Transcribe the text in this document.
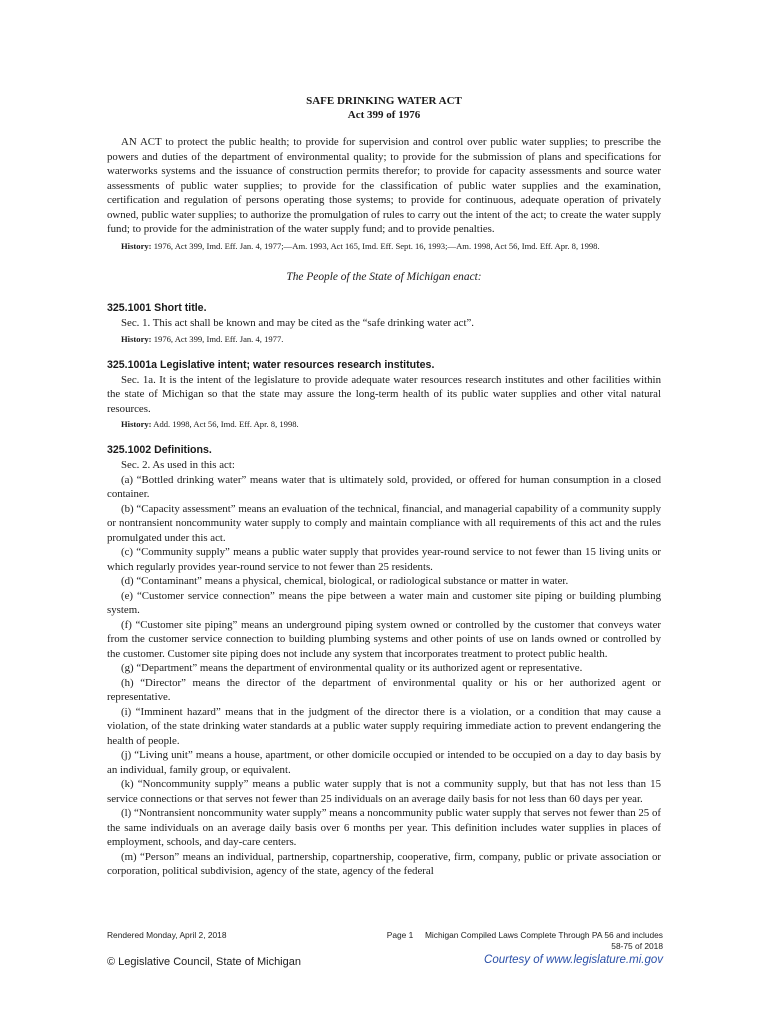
SAFE DRINKING WATER ACT

Act 399 of 1976

AN ACT to protect the public health; to provide for supervision and control over public water supplies; to prescribe the powers and duties of the department of environmental quality; to provide for the submission of plans and specifications for waterworks systems and the issuance of construction permits therefor; to provide for capacity assessments and source water assessments of public water supplies; to provide for the classification of public water supplies and the examination, certification and regulation of persons operating those systems; to provide for continuous, adequate operation of privately owned, public water supplies; to authorize the promulgation of rules to carry out the intent of the act; to create the water supply fund; to provide for the administration of the water supply fund; and to provide penalties.

History: 1976, Act 399, Imd. Eff. Jan. 4, 1977;—Am. 1993, Act 165, Imd. Eff. Sept. 16, 1993;—Am. 1998, Act 56, Imd. Eff. Apr. 8, 1998.

The People of the State of Michigan enact:

325.1001 Short title.

Sec. 1. This act shall be known and may be cited as the “safe drinking water act”.

History: 1976, Act 399, Imd. Eff. Jan. 4, 1977.

325.1001a Legislative intent; water resources research institutes.

Sec. 1a. It is the intent of the legislature to provide adequate water resources research institutes and other facilities within the state of Michigan so that the state may assure the long-term health of its public water supplies and other vital natural resources.

History: Add. 1998, Act 56, Imd. Eff. Apr. 8, 1998.

325.1002 Definitions.

Sec. 2. As used in this act:

(a) “Bottled drinking water” means water that is ultimately sold, provided, or offered for human consumption in a closed container.

(b) “Capacity assessment” means an evaluation of the technical, financial, and managerial capability of a community supply or nontransient noncommunity water supply to comply and maintain compliance with all requirements of this act and the rules promulgated under this act.

(c) “Community supply” means a public water supply that provides year-round service to not fewer than 15 living units or which regularly provides year-round service to not fewer than 25 residents.

(d) “Contaminant” means a physical, chemical, biological, or radiological substance or matter in water.

(e) “Customer service connection” means the pipe between a water main and customer site piping or building plumbing system.

(f) “Customer site piping” means an underground piping system owned or controlled by the customer that conveys water from the customer service connection to building plumbing systems and other points of use on lands owned or controlled by the customer. Customer site piping does not include any system that incorporates treatment to protect public health.

(g) “Department” means the department of environmental quality or its authorized agent or representative.

(h) “Director” means the director of the department of environmental quality or his or her authorized agent or representative.

(i) “Imminent hazard” means that in the judgment of the director there is a violation, or a condition that may cause a violation, of the state drinking water standards at a public water supply requiring immediate action to prevent endangering the health of people.

(j) “Living unit” means a house, apartment, or other domicile occupied or intended to be occupied on a day to day basis by an individual, family group, or equivalent.

(k) “Noncommunity supply” means a public water supply that is not a community supply, but that has not less than 15 service connections or that serves not fewer than 25 individuals on an average daily basis for not less than 60 days per year.

(l) “Nontransient noncommunity water supply” means a noncommunity public water supply that serves not fewer than 25 of the same individuals on an average daily basis over 6 months per year. This definition includes water supplies in places of employment, schools, and day-care centers.

(m) “Person” means an individual, partnership, copartnership, cooperative, firm, company, public or private association or corporation, political subdivision, agency of the state, agency of the federal

Rendered Monday, April 2, 2018	Page 1 Michigan Compiled Laws Complete Through PA 56 and includes
58-75 of 2018
© Legislative Council, State of Michigan	Courtesy of www.legislature.mi.gov
